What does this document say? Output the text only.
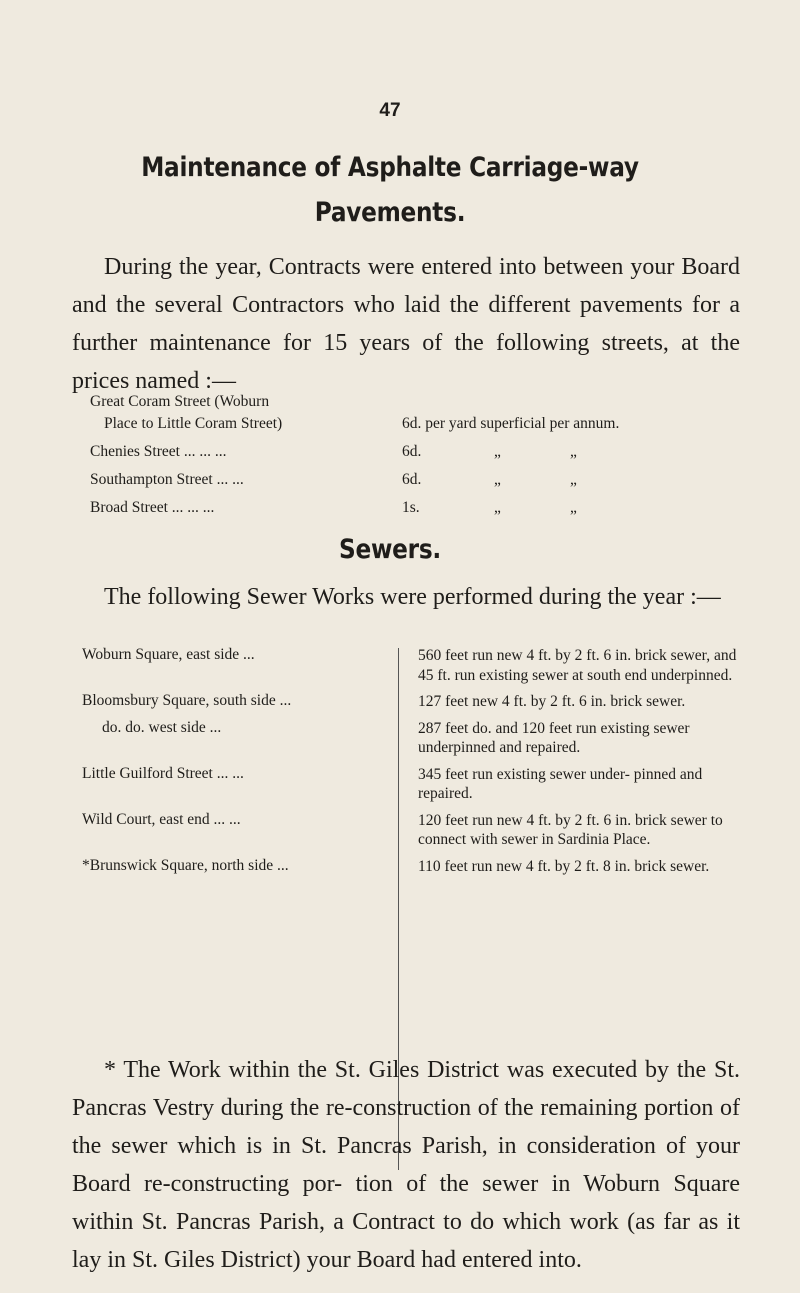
47
Maintenance of Asphalte Carriage-way
Pavements.
During the year, Contracts were entered into between your Board and the several Contractors who laid the different pavements for a further maintenance for 15 years of the following streets, at the prices named :—
Great Coram Street (Woburn
Place to Little Coram Street)	6d. per yard superficial per annum.
Chenies Street ... ... ...	6d.	„	„
Southampton Street ... ...	6d.	„	„
Broad Street ... ... ...	1s.	„	„
Sewers.
The following Sewer Works were performed during the year :—
Woburn Square, east side ...	560 feet run new 4 ft. by 2 ft. 6 in. brick sewer, and 45 ft. run existing sewer at south end underpinned.
Bloomsbury Square, south side ...	127 feet new 4 ft. by 2 ft. 6 in. brick sewer.
do. do. west side ...	287 feet do. and 120 feet run existing sewer underpinned and repaired.
Little Guilford Street ... ...	345 feet run existing sewer under- pinned and repaired.
Wild Court, east end ... ...	120 feet run new 4 ft. by 2 ft. 6 in. brick sewer to connect with sewer in Sardinia Place.
*Brunswick Square, north side ...	110 feet run new 4 ft. by 2 ft. 8 in. brick sewer.
* The Work within the St. Giles District was executed by the St. Pancras Vestry during the re-construction of the remaining portion of the sewer which is in St. Pancras Parish, in consideration of your Board re-constructing por- tion of the sewer in Woburn Square within St. Pancras Parish, a Contract to do which work (as far as it lay in St. Giles District) your Board had entered into.
